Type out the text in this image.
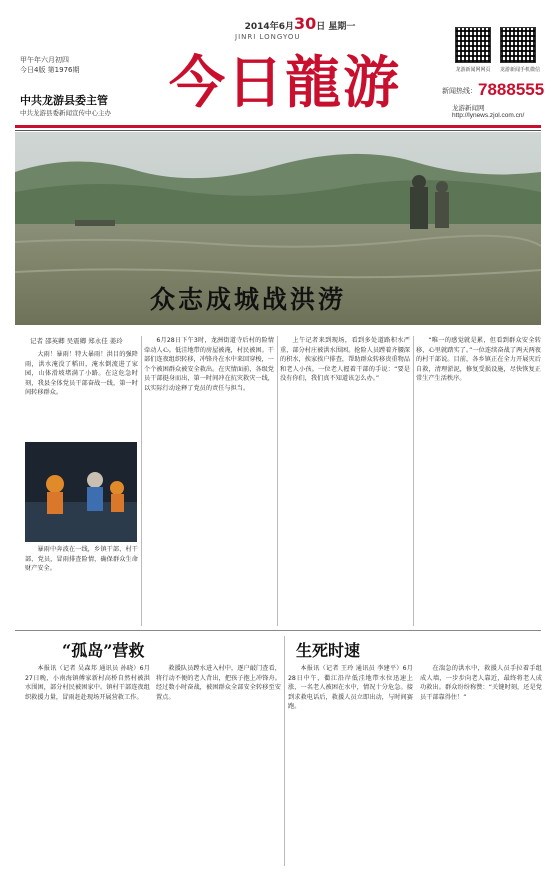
2014年6月30日 星期一
JINRI LONGYOU
今日龍游
甲午年六月初四
今日4版 第1976期
中共龙游县委主管
中共龙游县委新闻宣传中心主办
龙游新闻网网页	龙游新闻手机微信
新闻热线： 7888555
龙游新闻网 http://lynews.zjol.com.cn/
众志成城战洪涝
记者 邵英卿 吴震卿 郑永佳 姜玲

大雨！暴雨！特大暴雨！洪目的强降雨，洪水淹没了稻田，淹水倒流进了家园，山体滑坡堵满了小路。在这危急时刻，我县全体党员干部奋战一线，第一时间转移群众。

暴雨中奔波在一线，乡镇干部、村干部、党员，冒雨排查险情，确保群众生命财产安全。

6月28日下午3时，龙洲街道寺后村的险情牵动人心。低洼地带的房屋被淹，村民被困。干部们连夜组织转移，冲锋舟在水中来回穿梭，一个个被困群众被安全救出。在灾情面前，各级党员干部挺身而出，第一时间冲在抗灾救灾一线，以实际行动诠释了党员的责任与担当。

上午记者来到现场，看到多处道路积水严重，部分村庄被洪水围困。抢险人员蹚着齐腰深的积水，挨家挨户排查，帮助群众转移贵重物品和老人小孩。一位老人握着干部的手说：“要是没有你们，我们真不知道该怎么办。”

“唯一的感觉就是累，但看到群众安全转移，心里就踏实了。”一位连续奋战了两天两夜的村干部说。目前，各乡镇正在全力开展灾后自救，清理淤泥，修复受损设施，尽快恢复正常生产生活秩序。

“孤岛”营救	生死时速

本报讯（记者 吴森邦 通讯员 孙晓）6月27日晚，小南海镇傅家新村高桥自然村被洪水围困，部分村民被困家中。镇村干部连夜组织救援力量，冒雨赶赴现场开展营救工作。

救援队员蹚水进入村中，逐户敲门查看，将行动不便的老人背出，把孩子抱上冲锋舟。经过数小时奋战，被困群众全部安全转移至安置点。

本报讯（记者 王玲 通讯员 李建平）6月28日中午，衢江沿岸低洼地带水位迅速上涨，一名老人被困在水中，情况十分危急。接到求救电话后，救援人员立即出动，与时间赛跑。

在湍急的洪水中，救援人员手拉着手组成人墙，一步步向老人靠近，最终将老人成功救出。群众纷纷称赞：“关键时刻，还是党员干部靠得住！”
